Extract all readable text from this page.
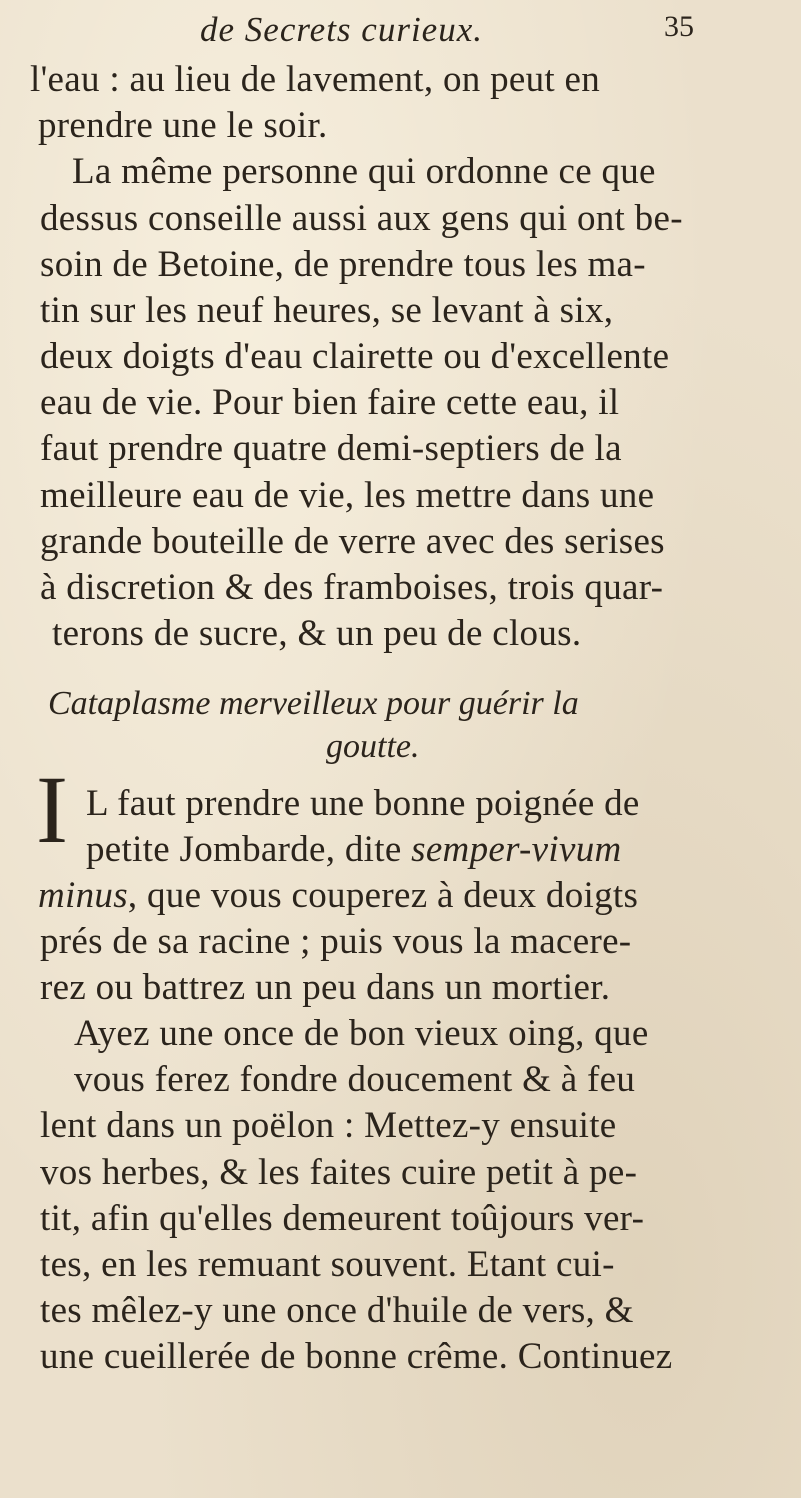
de Secrets curieux.	35
l'eau : au lieu de lavement, on peut en
prendre une le soir.
La même personne qui ordonne ce que
dessus conseille aussi aux gens qui ont be-
soin de Betoine, de prendre tous les ma-
tin sur les neuf heures, se levant à six,
deux doigts d'eau clairette ou d'excellente
eau de vie. Pour bien faire cette eau, il
faut prendre quatre demi-septiers de la
meilleure eau de vie, les mettre dans une
grande bouteille de verre avec des serises
à discretion & des framboises, trois quar-
terons de sucre, & un peu de clous.
Cataplasme merveilleux pour guérir la
goutte.
I L faut prendre une bonne poignée de
petite Jombarde, dite semper-vivum
minus, que vous couperez à deux doigts
prés de sa racine ; puis vous la macere-
rez ou battrez un peu dans un mortier.
Ayez une once de bon vieux oing, que
vous ferez fondre doucement & à feu
lent dans un poëlon : Mettez-y ensuite
vos herbes, & les faites cuire petit à pe-
tit, afin qu'elles demeurent toûjours ver-
tes, en les remuant souvent. Etant cui-
tes mêlez-y une once d'huile de vers, &
une cueillerée de bonne crême. Continuez
